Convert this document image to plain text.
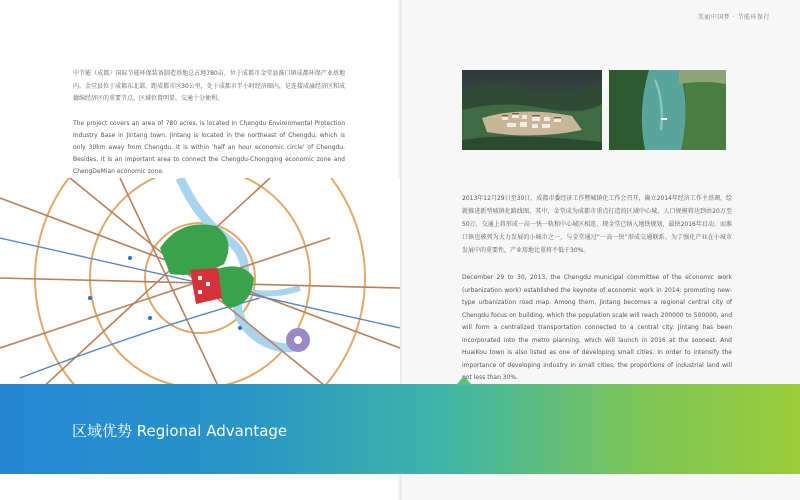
美丽中国梦 · 节能环保行

中节能（成都）国际节能环保装备制造基地总占地780亩，位于成都市金堂县淮口镇成都环保产业基地内。金堂县位于成都东北部，距成都市区30公里，处于成都市半小时经济圈内，是连接成渝经济区和成德绵经济区的重要节点，区域位置明显，交通十分便利。

The project covers an area of 780 acres, is located in Chengdu Environmental Protection Industry Base in Jintang town. Jintang is located in the northeast of Chengdu, which is only 30km away from Chengdu. It is within 'half an hour economic circle' of Chengdu. Besides, it is an important area to connect the Chengdu-Chongqing economic zone and ChengDeMian economic zone.

2013年12月29日至30日，成都市委经济工作暨城镇化工作会召开，确立2014年经济工作主基调，绘就推进新型城镇化路线图。其中，金堂成为成都市重点打造的区域中心城，人口规模将达到由20万至50万，交通上将形成一高一快一轨和中心城区相连，现金堂已纳入地铁规划，最快2016年启动。而淮口镇也被列为大力发展的小城市之一，与金堂通过“一高一快”形成交通联系。为了强化产业在小城市发展中的重要性，产业用地比重将不低于30%。

December 29 to 30, 2013, the Chengdu municipal committee of the economic work (urbanization work) established the keynote of economic work in 2014: promoting new-type urbanization road map. Among them, Jintang becomes a regional central city of Chengdu focus on building, which the population scale will reach 200000 to 500000, and will form a centralized transportation connected to a central city. Jintang has been incorporated into the metro planning, which will launch in 2016 at the soonest. And HuaiKou town is also listed as one of developing small cities. In order to intensify the importance of developing industry in small cities, the proportions of industrial land will not less than 30%.

区域优势 Regional Advantage
